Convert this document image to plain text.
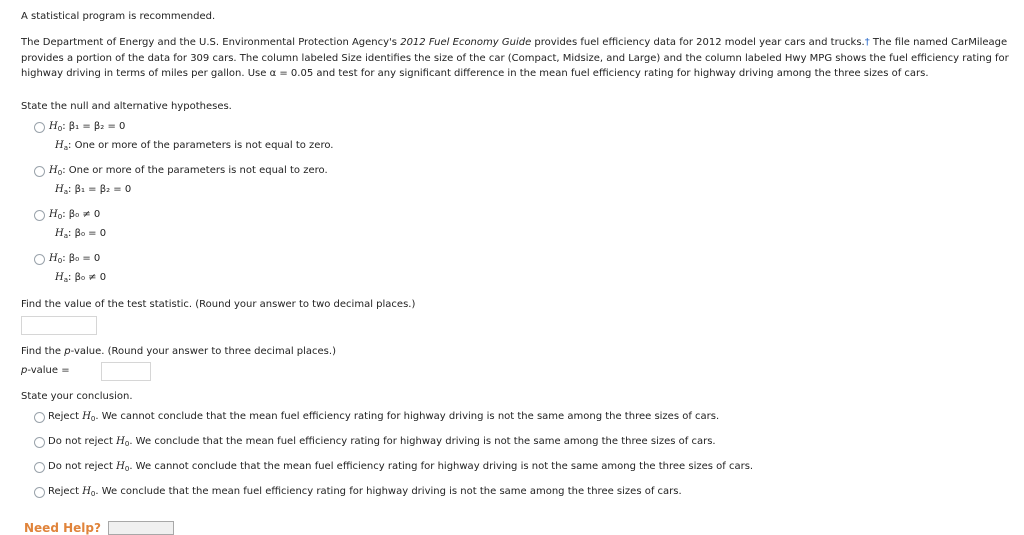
A statistical program is recommended.
The Department of Energy and the U.S. Environmental Protection Agency's 2012 Fuel Economy Guide provides fuel efficiency data for 2012 model year cars and trucks.† The file named CarMileage provides a portion of the data for 309 cars. The column labeled Size identifies the size of the car (Compact, Midsize, and Large) and the column labeled Hwy MPG shows the fuel efficiency rating for highway driving in terms of miles per gallon. Use α = 0.05 and test for any significant difference in the mean fuel efficiency rating for highway driving among the three sizes of cars.
State the null and alternative hypotheses.
$H_0$: β₁ = β₂ = 0
$H_a$: One or more of the parameters is not equal to zero.
$H_0$: One or more of the parameters is not equal to zero.
$H_a$: β₁ = β₂ = 0
$H_0$: β₀ ≠ 0
$H_a$: β₀ = 0
$H_0$: β₀ = 0
$H_a$: β₀ ≠ 0
Find the value of the test statistic. (Round your answer to two decimal places.)
Find the p-value. (Round your answer to three decimal places.)
p-value =
State your conclusion.
Reject $H_0$. We cannot conclude that the mean fuel efficiency rating for highway driving is not the same among the three sizes of cars.
Do not reject $H_0$. We conclude that the mean fuel efficiency rating for highway driving is not the same among the three sizes of cars.
Do not reject $H_0$. We cannot conclude that the mean fuel efficiency rating for highway driving is not the same among the three sizes of cars.
Reject $H_0$. We conclude that the mean fuel efficiency rating for highway driving is not the same among the three sizes of cars.
Need Help?
